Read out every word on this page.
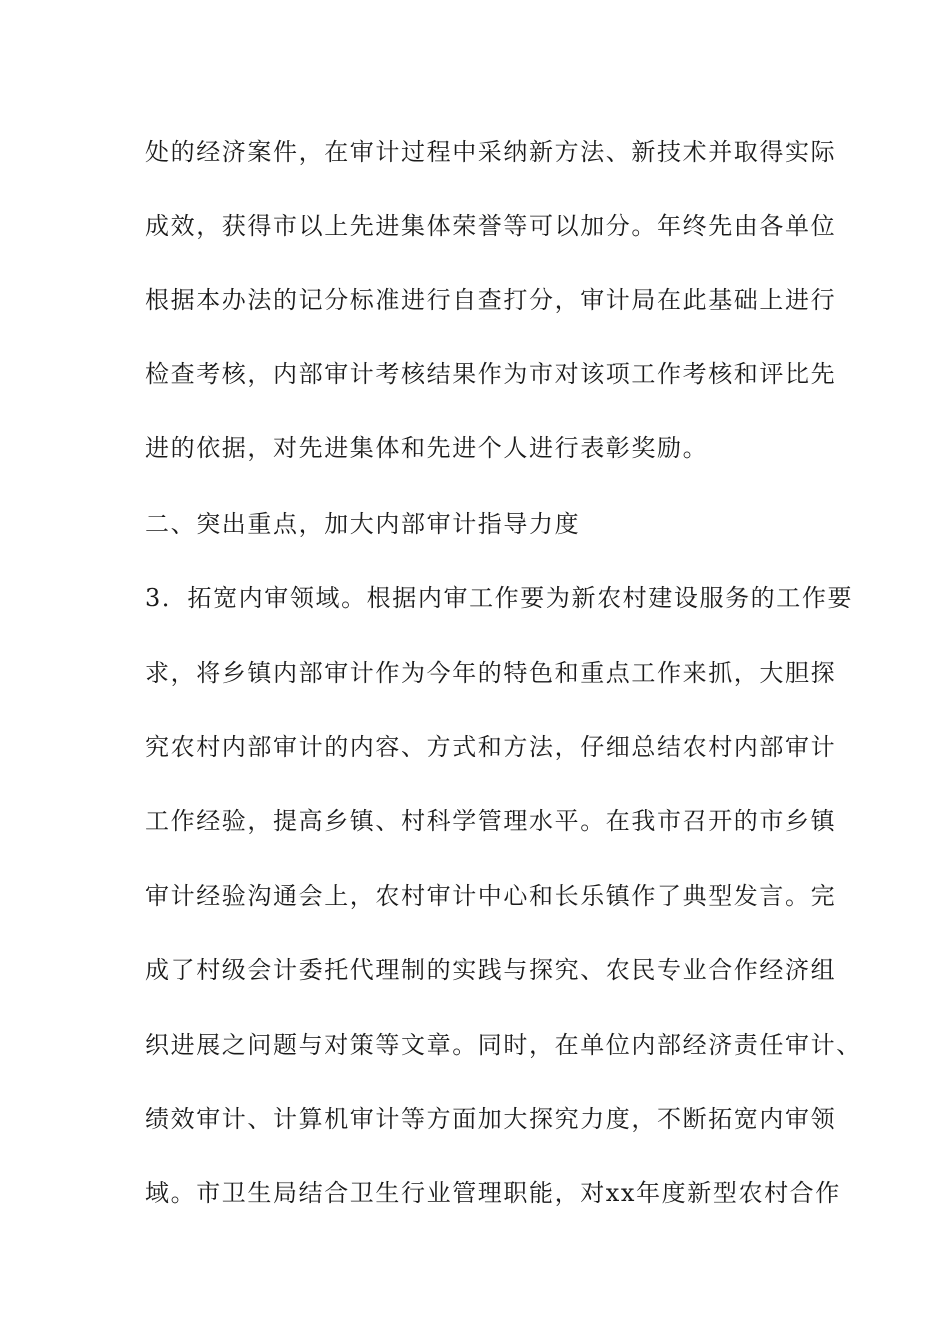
处的经济案件，在审计过程中采纳新方法、新技术并取得实际
成效，获得市以上先进集体荣誉等可以加分。年终先由各单位
根据本办法的记分标准进行自查打分，审计局在此基础上进行
检查考核，内部审计考核结果作为市对该项工作考核和评比先
进的依据，对先进集体和先进个人进行表彰奖励。
二、突出重点，加大内部审计指导力度
3．拓宽内审领域。根据内审工作要为新农村建设服务的工作要
求，将乡镇内部审计作为今年的特色和重点工作来抓，大胆探
究农村内部审计的内容、方式和方法，仔细总结农村内部审计
工作经验，提高乡镇、村科学管理水平。在我市召开的市乡镇
审计经验沟通会上，农村审计中心和长乐镇作了典型发言。完
成了村级会计委托代理制的实践与探究、农民专业合作经济组
织进展之问题与对策等文章。同时，在单位内部经济责任审计、
绩效审计、计算机审计等方面加大探究力度，不断拓宽内审领
域。市卫生局结合卫生行业管理职能，对xx年度新型农村合作
